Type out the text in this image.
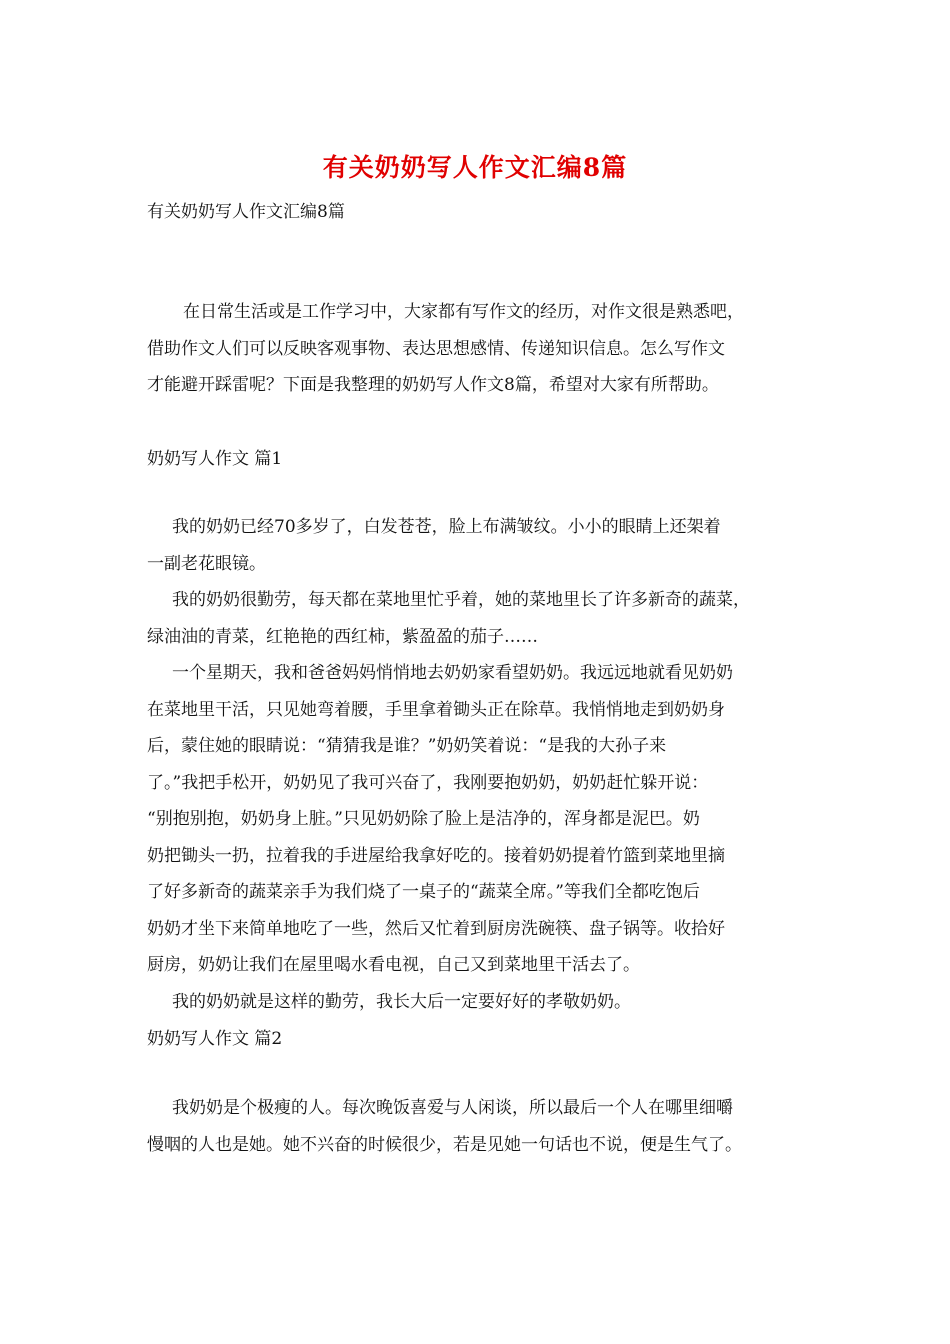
有关奶奶写人作文汇编8篇
有关奶奶写人作文汇编8篇
在日常生活或是工作学习中，大家都有写作文的经历，对作文很是熟悉吧，
借助作文人们可以反映客观事物、表达思想感情、传递知识信息。怎么写作文
才能避开踩雷呢？下面是我整理的奶奶写人作文8篇，希望对大家有所帮助。
奶奶写人作文 篇1
我的奶奶已经70多岁了，白发苍苍，脸上布满皱纹。小小的眼睛上还架着
一副老花眼镜。
我的奶奶很勤劳，每天都在菜地里忙乎着，她的菜地里长了许多新奇的蔬菜，
绿油油的青菜，红艳艳的西红柿，紫盈盈的茄子……
一个星期天，我和爸爸妈妈悄悄地去奶奶家看望奶奶。我远远地就看见奶奶
在菜地里干活，只见她弯着腰，手里拿着锄头正在除草。我悄悄地走到奶奶身
后，蒙住她的眼睛说：“猜猜我是谁？”奶奶笑着说：“是我的大孙子来
了。”我把手松开，奶奶见了我可兴奋了，我刚要抱奶奶，奶奶赶忙躲开说：
“别抱别抱，奶奶身上脏。”只见奶奶除了脸上是洁净的，浑身都是泥巴。奶
奶把锄头一扔，拉着我的手进屋给我拿好吃的。接着奶奶提着竹篮到菜地里摘
了好多新奇的蔬菜亲手为我们烧了一桌子的“蔬菜全席。”等我们全都吃饱后
奶奶才坐下来简单地吃了一些，然后又忙着到厨房洗碗筷、盘子锅等。收拾好
厨房，奶奶让我们在屋里喝水看电视，自己又到菜地里干活去了。
我的奶奶就是这样的勤劳，我长大后一定要好好的孝敬奶奶。
奶奶写人作文 篇2
我奶奶是个极瘦的人。每次晚饭喜爱与人闲谈，所以最后一个人在哪里细嚼
慢咽的人也是她。她不兴奋的时候很少，若是见她一句话也不说，便是生气了。
